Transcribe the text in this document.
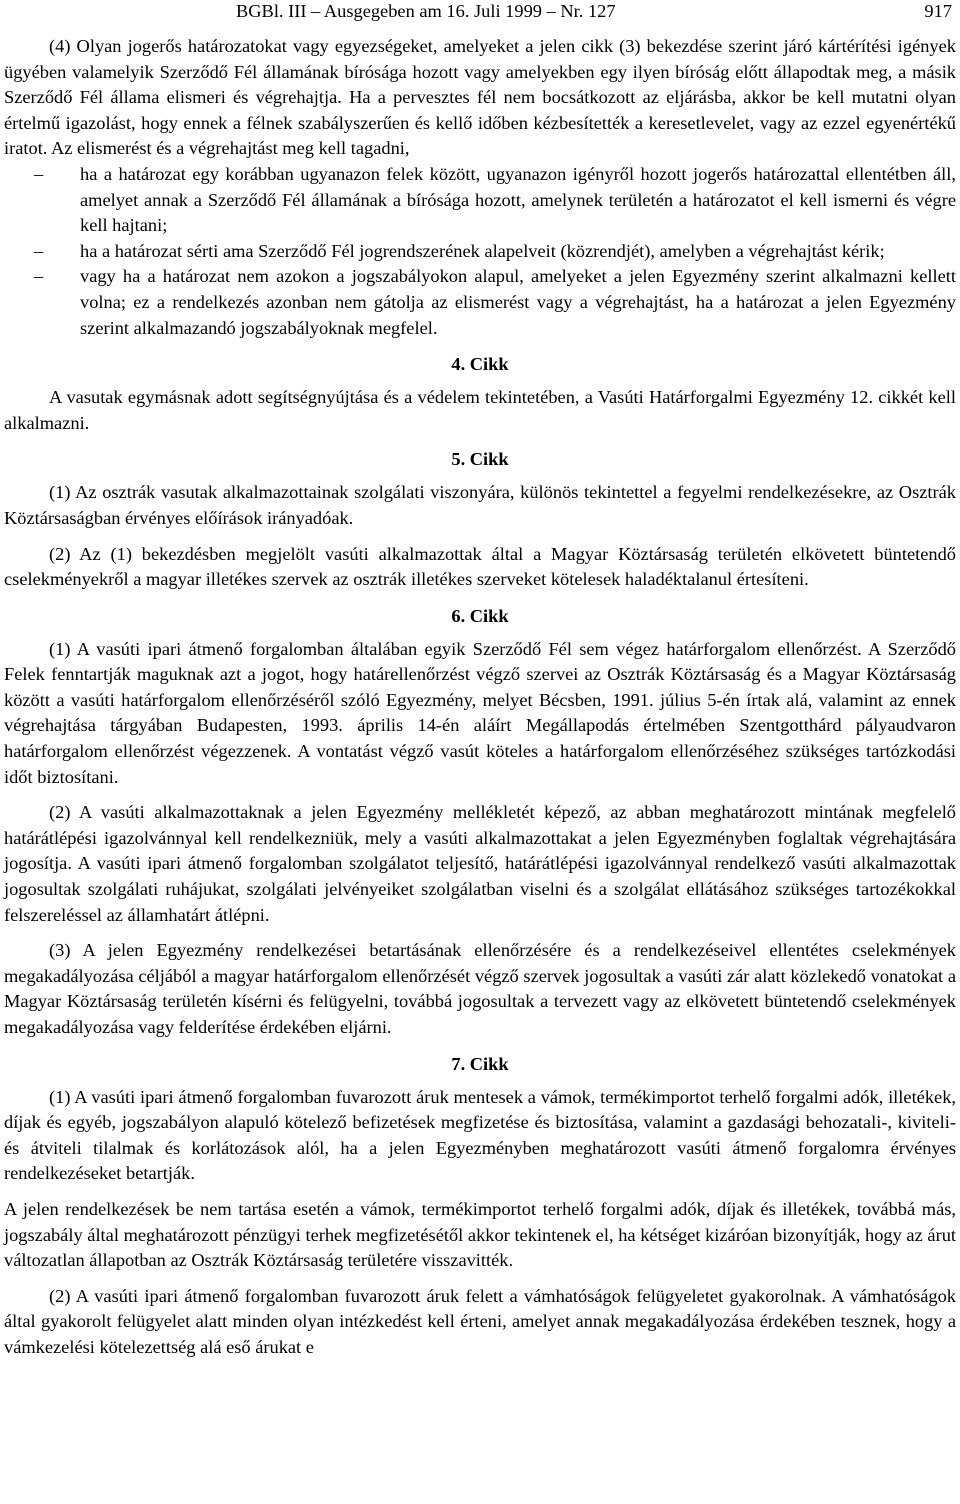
BGBl. III – Ausgegeben am 16. Juli 1999 – Nr. 127	917

(4) Olyan jogerős határozatokat vagy egyezségeket, amelyeket a jelen cikk (3) bekezdése szerint járó kártérítési igények ügyében valamelyik Szerződő Fél államának bírósága hozott vagy amelyekben egy ilyen bíróság előtt állapodtak meg, a másik Szerződő Fél állama elismeri és végrehajtja. Ha a pervesztes fél nem bocsátkozott az eljárásba, akkor be kell mutatni olyan értelmű igazolást, hogy ennek a félnek szabályszerűen és kellő időben kézbesítették a keresetlevelet, vagy az ezzel egyenértékű iratot. Az elismerést és a végrehajtást meg kell tagadni,

– ha a határozat egy korábban ugyanazon felek között, ugyanazon igényről hozott jogerős határozattal ellentétben áll, amelyet annak a Szerződő Fél államának a bírósága hozott, amelynek területén a határozatot el kell ismerni és végre kell hajtani;
– ha a határozat sérti ama Szerződő Fél jogrendszerének alapelveit (közrendjét), amelyben a végrehajtást kérik;
– vagy ha a határozat nem azokon a jogszabályokon alapul, amelyeket a jelen Egyezmény szerint alkalmazni kellett volna; ez a rendelkezés azonban nem gátolja az elismerést vagy a végrehajtást, ha a határozat a jelen Egyezmény szerint alkalmazandó jogszabályoknak megfelel.
4. Cikk

A vasutak egymásnak adott segítségnyújtása és a védelem tekintetében, a Vasúti Határforgalmi Egyezmény 12. cikkét kell alkalmazni.

5. Cikk

(1) Az osztrák vasutak alkalmazottainak szolgálati viszonyára, különös tekintettel a fegyelmi rendelkezésekre, az Osztrák Köztársaságban érvényes előírások irányadóak.

(2) Az (1) bekezdésben megjelölt vasúti alkalmazottak által a Magyar Köztársaság területén elkövetett büntetendő cselekményekről a magyar illetékes szervek az osztrák illetékes szerveket kötelesek haladéktalanul értesíteni.

6. Cikk

(1) A vasúti ipari átmenő forgalomban általában egyik Szerződő Fél sem végez határforgalom ellenőrzést. A Szerződő Felek fenntartják maguknak azt a jogot, hogy határellenőrzést végző szervei az Osztrák Köztársaság és a Magyar Köztársaság között a vasúti határforgalom ellenőrzéséről szóló Egyezmény, melyet Bécsben, 1991. július 5-én írtak alá, valamint az ennek végrehajtása tárgyában Budapesten, 1993. április 14-én aláírt Megállapodás értelmében Szentgotthárd pályaudvaron határforgalom ellenőrzést végezzenek. A vontatást végző vasút köteles a határforgalom ellenőrzéséhez szükséges tartózkodási időt biztosítani.

(2) A vasúti alkalmazottaknak a jelen Egyezmény mellékletét képező, az abban meghatározott mintának megfelelő határátlépési igazolvánnyal kell rendelkezniük, mely a vasúti alkalmazottakat a jelen Egyezményben foglaltak végrehajtására jogosítja. A vasúti ipari átmenő forgalomban szolgálatot teljesítő, határátlépési igazolvánnyal rendelkező vasúti alkalmazottak jogosultak szolgálati ruhájukat, szolgálati jelvényeiket szolgálatban viselni és a szolgálat ellátásához szükséges tartozékokkal felszereléssel az államhatárt átlépni.

(3) A jelen Egyezmény rendelkezései betartásának ellenőrzésére és a rendelkezéseivel ellentétes cselekmények megakadályozása céljából a magyar határforgalom ellenőrzését végző szervek jogosultak a vasúti zár alatt közlekedő vonatokat a Magyar Köztársaság területén kísérni és felügyelni, továbbá jogosultak a tervezett vagy az elkövetett büntetendő cselekmények megakadályozása vagy felderítése érdekében eljárni.

7. Cikk

(1) A vasúti ipari átmenő forgalomban fuvarozott áruk mentesek a vámok, termékimportot terhelő forgalmi adók, illetékek, díjak és egyéb, jogszabályon alapuló kötelező befizetések megfizetése és biztosítása, valamint a gazdasági behozatali-, kiviteli- és átviteli tilalmak és korlátozások alól, ha a jelen Egyezményben meghatározott vasúti átmenő forgalomra érvényes rendelkezéseket betartják.

A jelen rendelkezések be nem tartása esetén a vámok, termékimportot terhelő forgalmi adók, díjak és illetékek, továbbá más, jogszabály által meghatározott pénzügyi terhek megfizetésétől akkor tekintenek el, ha kétséget kizáróan bizonyítják, hogy az árut változatlan állapotban az Osztrák Köztársaság területére visszavitték.

(2) A vasúti ipari átmenő forgalomban fuvarozott áruk felett a vámhatóságok felügyeletet gyakorolnak. A vámhatóságok által gyakorolt felügyelet alatt minden olyan intézkedést kell érteni, amelyet annak megakadályozása érdekében tesznek, hogy a vámkezelési kötelezettség alá eső árukat e
